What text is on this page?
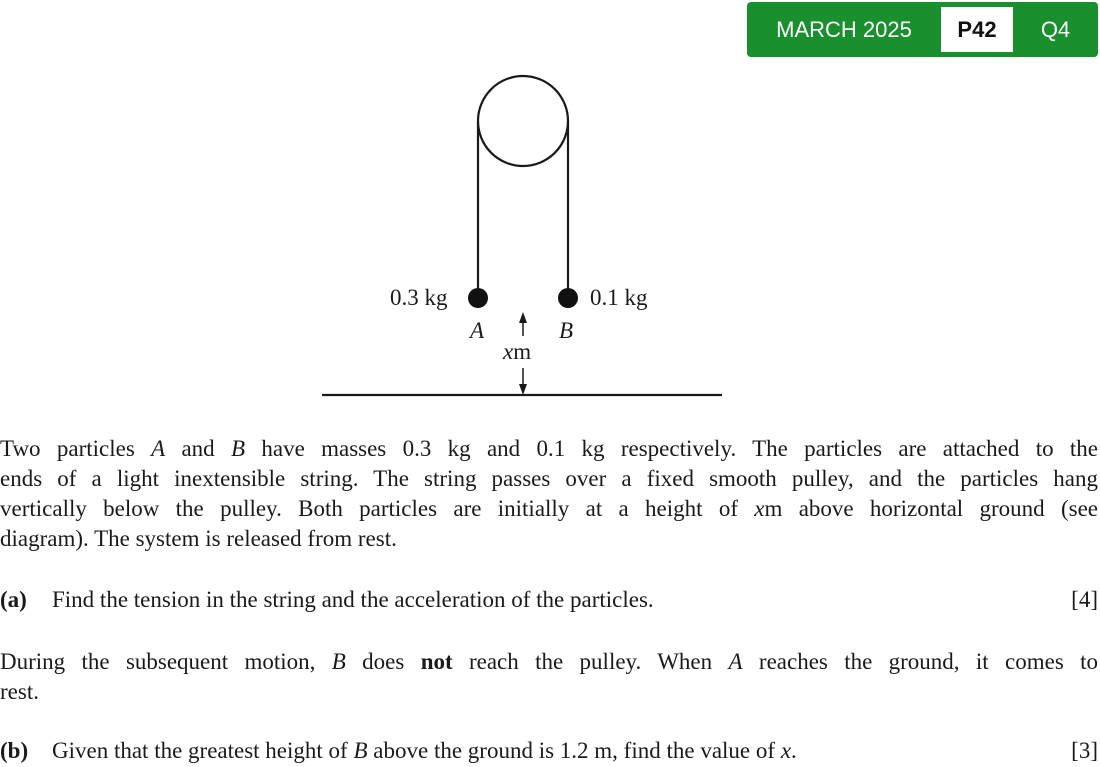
MARCH 2025	P42	Q4
0.3 kg	0.1 kg
A	B
xm
Two particles A and B have masses 0.3 kg and 0.1 kg respectively. The particles are attached to the
ends of a light inextensible string. The string passes over a fixed smooth pulley, and the particles hang
vertically below the pulley. Both particles are initially at a height of xm above horizontal ground (see
diagram). The system is released from rest.
(a) Find the tension in the string and the acceleration of the particles.	[4]
During the subsequent motion, B does not reach the pulley. When A reaches the ground, it comes to
rest.
(b) Given that the greatest height of B above the ground is 1.2 m, find the value of x.	[3]
